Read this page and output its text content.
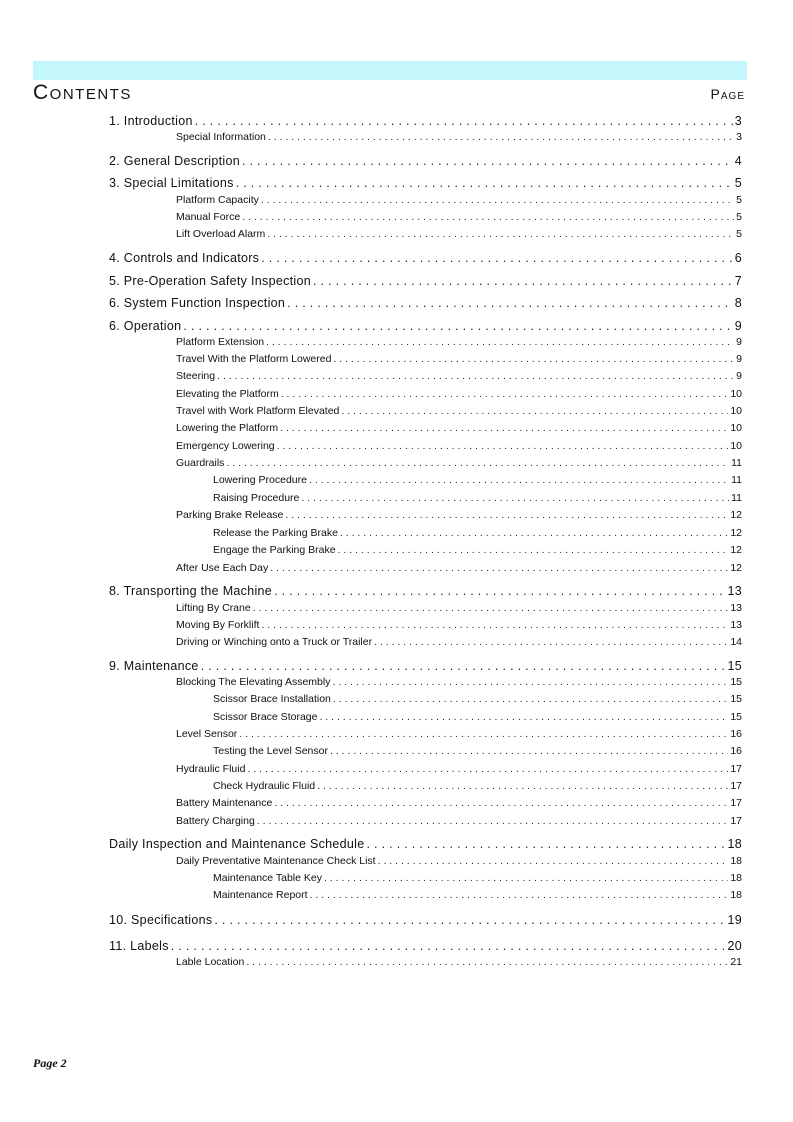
Contents	Page
1. Introduction . . .	3
Special Information . . .	3
2. General Description . . .	4
3. Special Limitations . . .	5
Platform Capacity . . .	5
Manual Force . . .	5
Lift Overload Alarm . . .	5
4. Controls and Indicators . . .	6
5. Pre-Operation Safety Inspection . . .	7
6. System Function Inspection . . .	8
6. Operation . . .	9
Platform Extension . . .	9
Travel With the Platform Lowered . . .	9
Steering . . .	9
Elevating the Platform . . .	10
Travel with Work Platform Elevated . . .	10
Lowering the Platform . . .	10
Emergency Lowering . . .	10
Guardrails . . .	11
Lowering Procedure . . .	11
Raising Procedure . . .	11
Parking Brake Release . . .	12
Release the Parking Brake . . .	12
Engage the Parking Brake . . .	12
After Use Each Day . . .	12
8. Transporting the Machine . . .	13
Lifting By Crane . . .	13
Moving By Forklift . . .	13
Driving or Winching onto a Truck or Trailer . . .	14
9. Maintenance . . .	15
Blocking The Elevating Assembly . . .	15
Scissor Brace Installation . . .	15
Scissor Brace Storage . . .	15
Level Sensor . . .	16
Testing the Level Sensor . . .	16
Hydraulic Fluid . . .	17
Check Hydraulic Fluid . . .	17
Battery Maintenance . . .	17
Battery Charging . . .	17
Daily Inspection and Maintenance Schedule . . .	18
Daily Preventative Maintenance Check List . . .	18
Maintenance Table Key . . .	18
Maintenance Report . . .	18
10. Specifications . . .	19
11. Labels . . .	20
Lable Location . . .	21
Page 2
